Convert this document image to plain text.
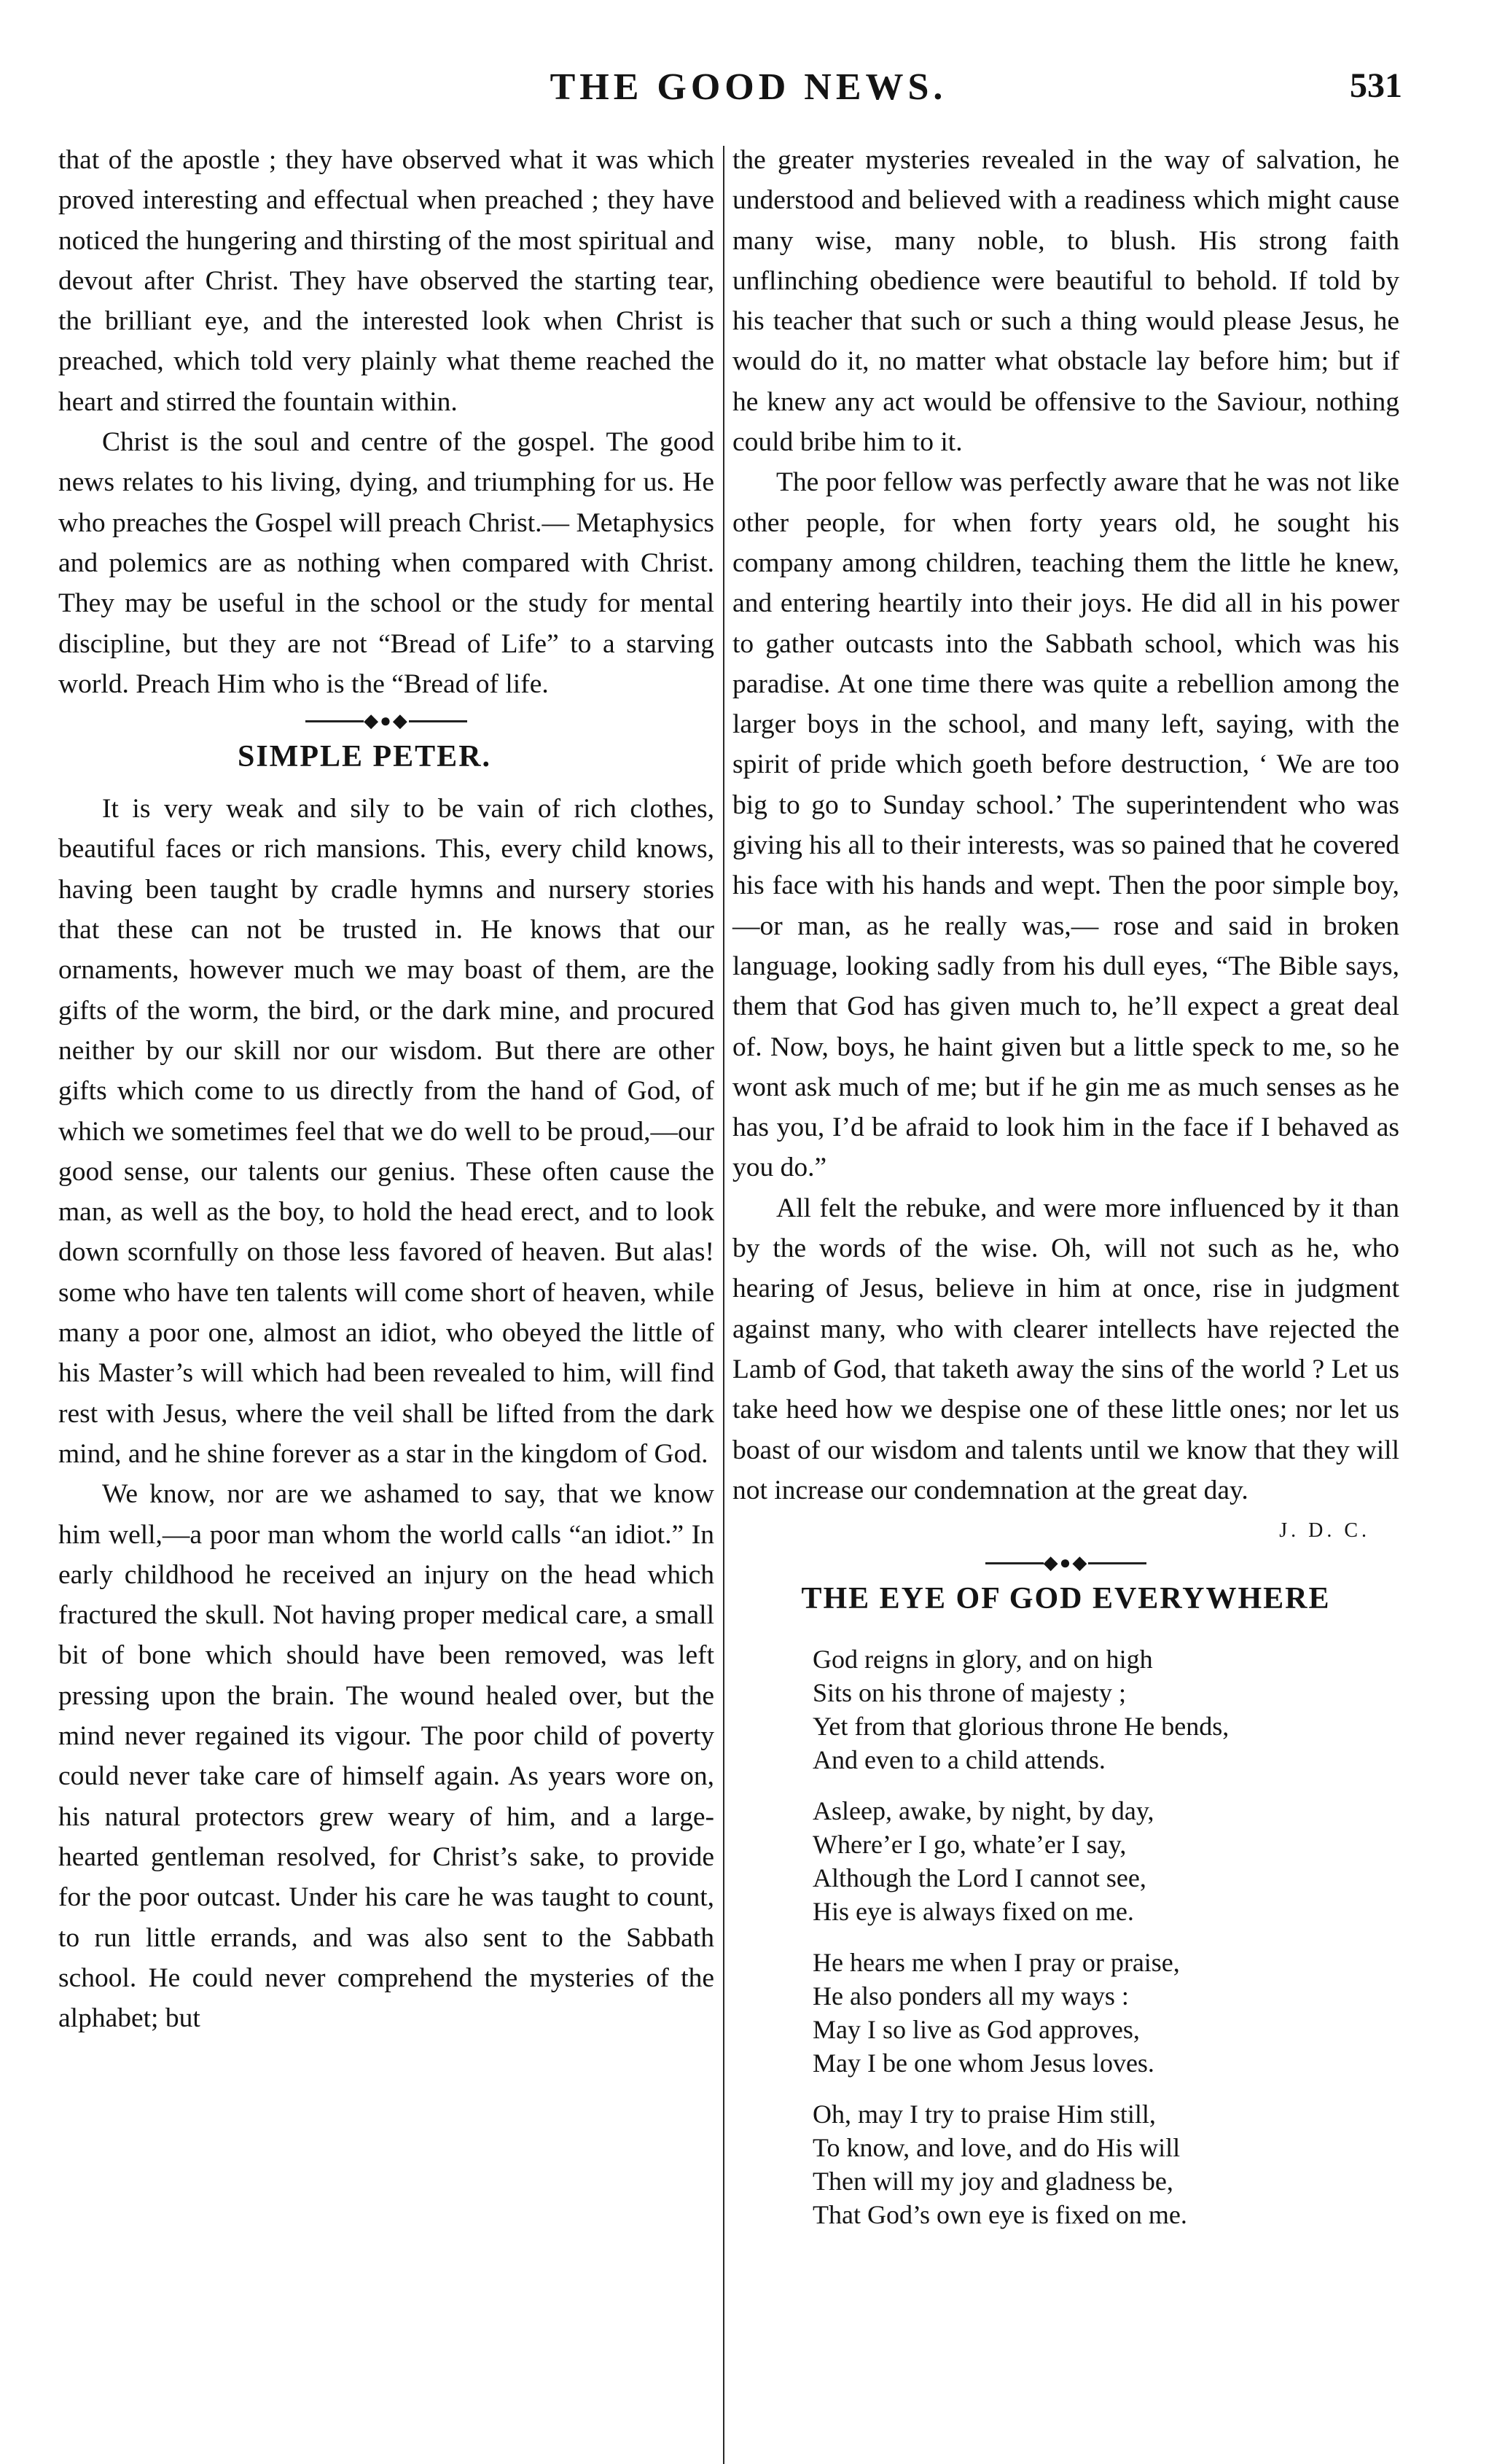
THE GOOD NEWS.	531

that of the apostle ; they have observed what it was which proved interesting and effectual when preached ; they have noticed the hungering and thirsting of the most spiritual and devout after Christ. They have observed the starting tear, the brilliant eye, and the interested look when Christ is preached, which told very plainly what theme reached the heart and stirred the fountain within.

Christ is the soul and centre of the gospel. The good news relates to his living, dying, and triumphing for us. He who preaches the Gospel will preach Christ.— Metaphysics and polemics are as nothing when compared with Christ. They may be useful in the school or the study for mental discipline, but they are not “Bread of Life” to a starving world. Preach Him who is the “Bread of life.

◆●◆
SIMPLE PETER.

It is very weak and sily to be vain of rich clothes, beautiful faces or rich mansions. This, every child knows, having been taught by cradle hymns and nursery stories that these can not be trusted in. He knows that our ornaments, however much we may boast of them, are the gifts of the worm, the bird, or the dark mine, and procured neither by our skill nor our wisdom. But there are other gifts which come to us directly from the hand of God, of which we sometimes feel that we do well to be proud,—our good sense, our talents our genius. These often cause the man, as well as the boy, to hold the head erect, and to look down scornfully on those less favored of heaven. But alas! some who have ten talents will come short of heaven, while many a poor one, almost an idiot, who obeyed the little of his Master’s will which had been revealed to him, will find rest with Jesus, where the veil shall be lifted from the dark mind, and he shine forever as a star in the kingdom of God.

We know, nor are we ashamed to say, that we know him well,—a poor man whom the world calls “an idiot.” In early childhood he received an injury on the head which fractured the skull. Not having proper medical care, a small bit of bone which should have been removed, was left pressing upon the brain. The wound healed over, but the mind never regained its vigour. The poor child of poverty could never take care of himself again. As years wore on, his natural protectors grew weary of him, and a large-hearted gentleman resolved, for Christ’s sake, to provide for the poor outcast. Under his care he was taught to count, to run little errands, and was also sent to the Sabbath school. He could never comprehend the mysteries of the alphabet; but

the greater mysteries revealed in the way of salvation, he understood and believed with a readiness which might cause many wise, many noble, to blush. His strong faith unflinching obedience were beautiful to behold. If told by his teacher that such or such a thing would please Jesus, he would do it, no matter what obstacle lay before him; but if he knew any act would be offensive to the Saviour, nothing could bribe him to it.

The poor fellow was perfectly aware that he was not like other people, for when forty years old, he sought his company among children, teaching them the little he knew, and entering heartily into their joys. He did all in his power to gather outcasts into the Sabbath school, which was his paradise. At one time there was quite a rebellion among the larger boys in the school, and many left, saying, with the spirit of pride which goeth before destruction, ‘ We are too big to go to Sunday school.’ The superintendent who was giving his all to their interests, was so pained that he covered his face with his hands and wept. Then the poor simple boy,—or man, as he really was,— rose and said in broken language, looking sadly from his dull eyes, “The Bible says, them that God has given much to, he’ll expect a great deal of. Now, boys, he haint given but a little speck to me, so he wont ask much of me; but if he gin me as much senses as he has you, I’d be afraid to look him in the face if I behaved as you do.”

All felt the rebuke, and were more influenced by it than by the words of the wise. Oh, will not such as he, who hearing of Jesus, believe in him at once, rise in judgment against many, who with clearer intellects have rejected the Lamb of God, that taketh away the sins of the world ? Let us take heed how we despise one of these little ones; nor let us boast of our wisdom and talents until we know that they will not increase our condemnation at the great day.
J. D. C.

◆●◆
THE EYE OF GOD EVERYWHERE
God reigns in glory, and on high
Sits on his throne of majesty ;
Yet from that glorious throne He bends,
And even to a child attends.
Asleep, awake, by night, by day,
Where’er I go, whate’er I say,
Although the Lord I cannot see,
His eye is always fixed on me.
He hears me when I pray or praise,
He also ponders all my ways :
May I so live as God approves,
May I be one whom Jesus loves.
Oh, may I try to praise Him still,
To know, and love, and do His will
Then will my joy and gladness be,
That God’s own eye is fixed on me.
